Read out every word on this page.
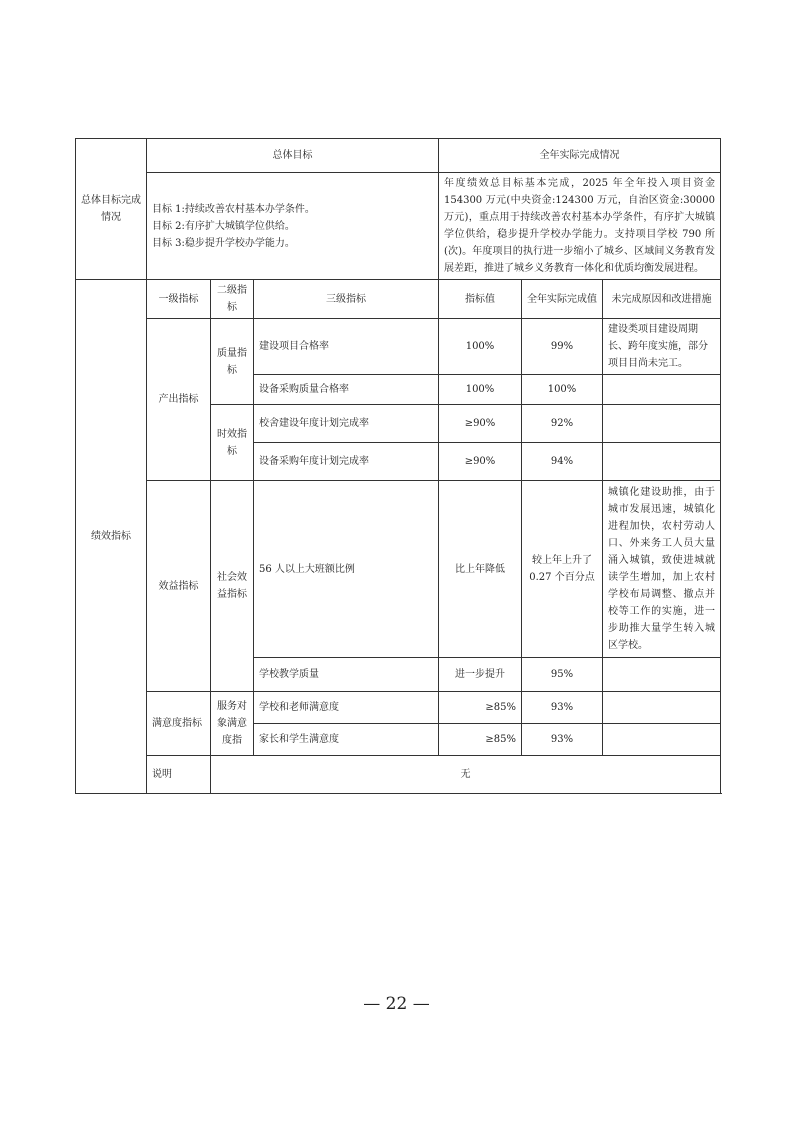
总体目标完成情况	总体目标			全年实际完成情况		

	目标 1:持续改善农村基本办学条件。
目标 2:有序扩大城镇学位供给。
目标 3:稳步提升学校办学能力。			年度绩效总目标基本完成，2025 年全年投入项目资金 154300 万元(中央资金:124300 万元，自治区资金:30000 万元)，重点用于持续改善农村基本办学条件，有序扩大城镇学位供给，稳步提升学校办学能力。支持项目学校 790 所(次)。年度项目的执行进一步缩小了城乡、区域间义务教育发展差距，推进了城乡义务教育一体化和优质均衡发展进程。		
绩效指标	一级指标	二级指标	三级指标	指标值	全年实际完成值	未完成原因和改进措施
	产出指标	质量指标	建设项目合格率	100%	99%	建设类项目建设周期长、跨年度实施，部分项目目尚未完工。
			设备采购质量合格率	100%	100%	
		时效指标	校舍建设年度计划完成率	≥90%	92%	
			设备采购年度计划完成率	≥90%	94%	
	效益指标	社会效益指标	56 人以上大班额比例	比上年降低	较上年上升了 0.27 个百分点	城镇化建设助推，由于城市发展迅速，城镇化进程加快，农村劳动人口、外来务工人员大量涌入城镇，致使进城就读学生增加，加上农村学校布局调整、撤点并校等工作的实施，进一步助推大量学生转入城区学校。
			学校教学质量	进一步提升	95%	
	满意度指标	服务对象满意度指	学校和老师满意度	≥85%	93%	
			家长和学生满意度	≥85%	93%	
	说明	无				
— 22 —
